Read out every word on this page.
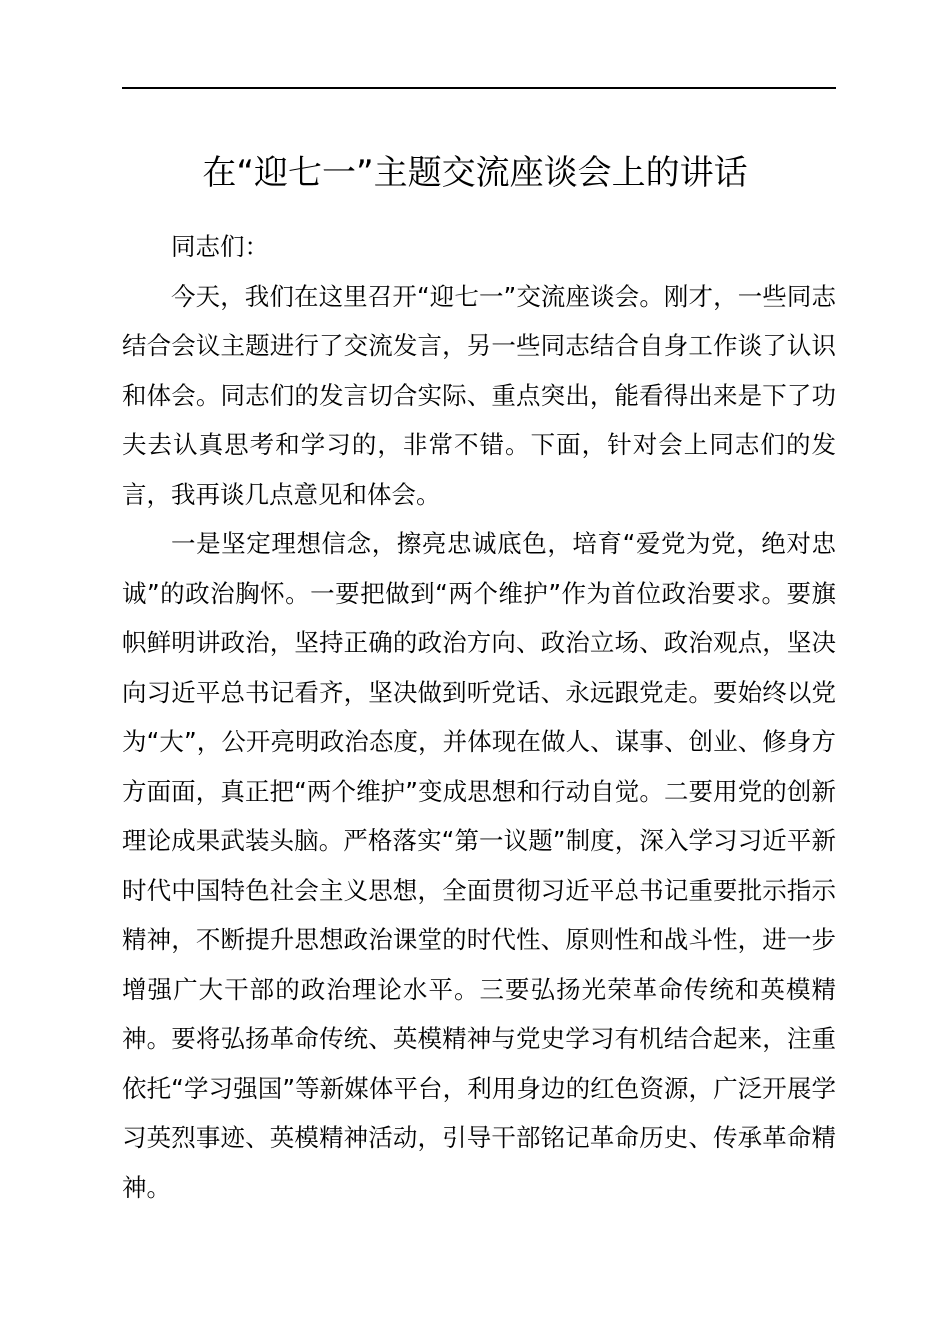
在“迎七一”主题交流座谈会上的讲话

同志们：

今天，我们在这里召开“迎七一”交流座谈会。刚才，一些同志结合会议主题进行了交流发言，另一些同志结合自身工作谈了认识和体会。同志们的发言切合实际、重点突出，能看得出来是下了功夫去认真思考和学习的，非常不错。下面，针对会上同志们的发言，我再谈几点意见和体会。

一是坚定理想信念，擦亮忠诚底色，培育“爱党为党，绝对忠诚”的政治胸怀。一要把做到“两个维护”作为首位政治要求。要旗帜鲜明讲政治，坚持正确的政治方向、政治立场、政治观点，坚决向习近平总书记看齐，坚决做到听党话、永远跟党走。要始终以党为“大”，公开亮明政治态度，并体现在做人、谋事、创业、修身方方面面，真正把“两个维护”变成思想和行动自觉。二要用党的创新理论成果武装头脑。严格落实“第一议题”制度，深入学习习近平新时代中国特色社会主义思想，全面贯彻习近平总书记重要批示指示精神，不断提升思想政治课堂的时代性、原则性和战斗性，进一步增强广大干部的政治理论水平。三要弘扬光荣革命传统和英模精神。要将弘扬革命传统、英模精神与党史学习有机结合起来，注重依托“学习强国”等新媒体平台，利用身边的红色资源，广泛开展学习英烈事迹、英模精神活动，引导干部铭记革命历史、传承革命精神。
